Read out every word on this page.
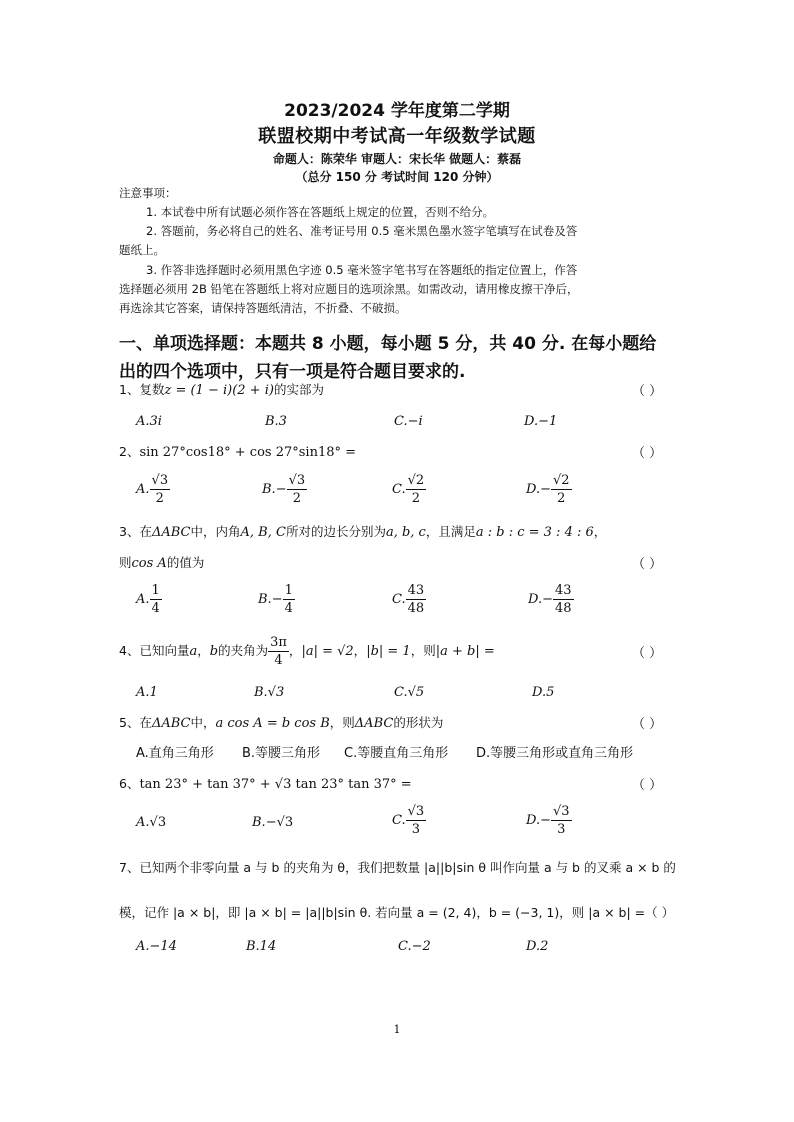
2023/2024 学年度第二学期
联盟校期中考试高一年级数学试题
命题人：陈荣华 审题人：宋长华 做题人：蔡磊
（总分 150 分 考试时间 120 分钟）
注意事项：
1. 本试卷中所有试题必须作答在答题纸上规定的位置，否则不给分。
2. 答题前，务必将自己的姓名、准考证号用 0.5 毫米黑色墨水签字笔填写在试卷及答
题纸上。
3. 作答非选择题时必须用黑色字迹 0.5 毫米签字笔书写在答题纸的指定位置上，作答
选择题必须用 2B 铅笔在答题纸上将对应题目的选项涂黑。如需改动，请用橡皮擦干净后，
再选涂其它答案，请保持答题纸清洁，不折叠、不破损。
一、单项选择题：本题共 8 小题，每小题 5 分，共 40 分. 在每小题给
出的四个选项中，只有一项是符合题目要求的.
1、复数z = (1 − i)(2 + i)的实部为	（ ）
A.3i	B.3	C.−i	D.−1
2、sin 27°cos18° + cos 27°sin18° =	（ ）
A. $\frac{√3}{2}$	$B.- \frac{√3}{2}$	C. $\frac{√2}{2}$	$D.- \frac{√2}{2}$
3、在ΔABC中，内角A, B, C所对的边长分别为a, b, c，且满足a : b : c = 3 : 4 : 6，
则cos A的值为	（ ）
A. $\frac{1}{4}$	$B.- \frac{1}{4}$	C. $\frac{43}{48}$	$D.- \frac{43}{48}$
4、已知向量a，b的夹角为 $\frac{3\pi}{4}$ ，|a| = √2，|b| = 1，则|a + b| =	（ ）
A.1	B.√3	C.√5	D.5
5、在ΔABC中，a cos A = b cos B，则ΔABC的形状为	（ ）
A.直角三角形 B.等腰三角形 C.等腰直角三角形 D.等腰三角形或直角三角形
6、tan 23° + tan 37° + √3 tan 23° tan 37° =	（ ）
A.√3	B.−√3	C. $\frac{√3}{3}$	$D.- \frac{√3}{3}$
7、已知两个非零向量 a 与 b 的夹角为 θ，我们把数量 |a||b|sin θ 叫作向量 a 与 b 的叉乘 a × b 的
模，记作 |a × b|，即 |a × b| = |a||b|sin θ. 若向量 a = (2, 4)，b = (−3, 1)，则 |a × b| =（ ）
A.−14	B.14	C.−2	D.2
1
